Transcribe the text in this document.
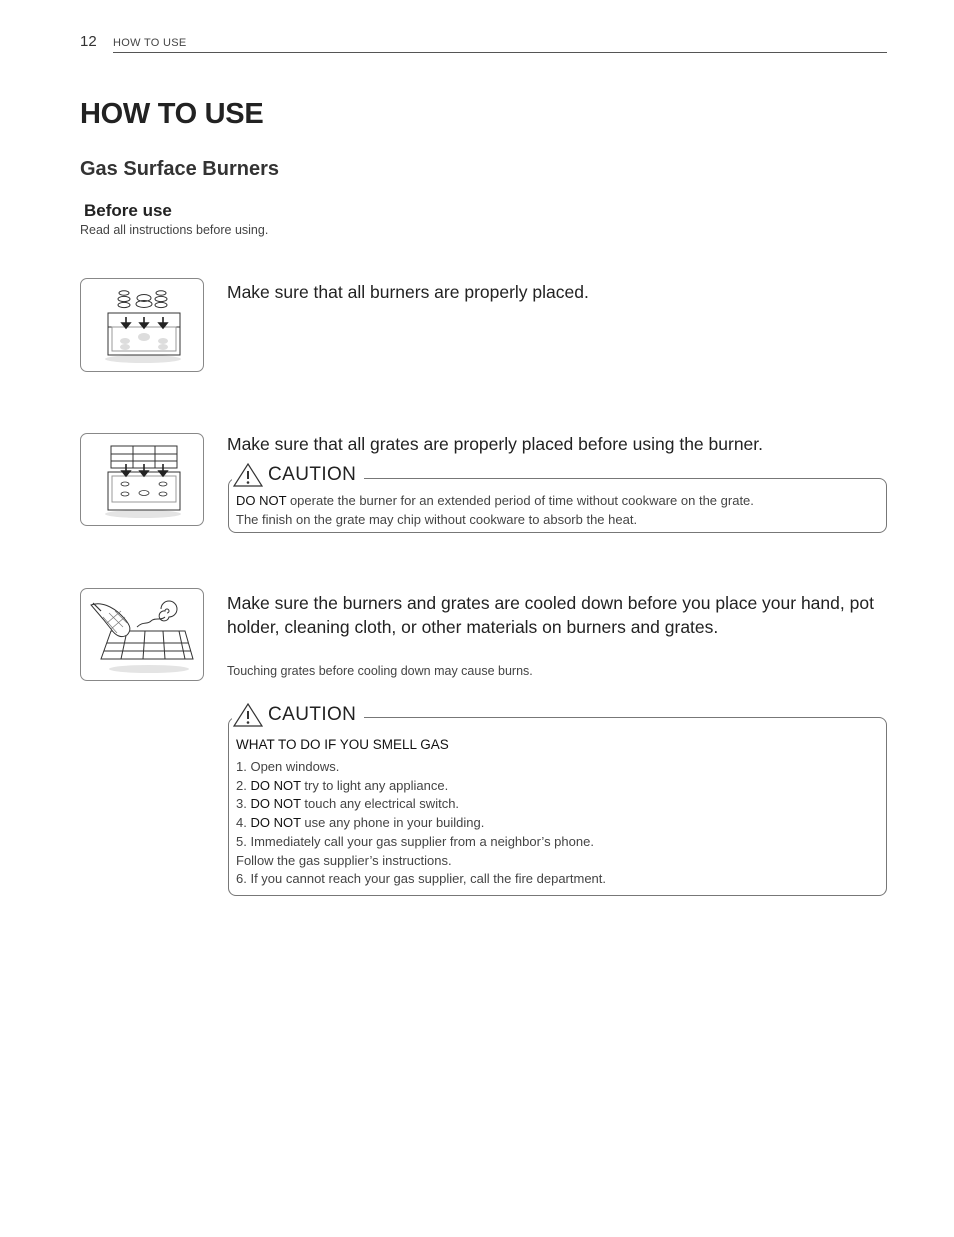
12 HOW TO USE
HOW TO USE
Gas Surface Burners
Before use
Read all instructions before using.
Make sure that all burners are properly placed.
Make sure that all grates are properly placed before using the burner.
CAUTION
DO NOT operate the burner for an extended period of time without cookware on the grate.
The finish on the grate may chip without cookware to absorb the heat.
Make sure the burners and grates are cooled down before you place your hand, pot holder, cleaning cloth, or other materials on burners and grates.
Touching grates before cooling down may cause burns.
CAUTION
WHAT TO DO IF YOU SMELL GAS
1. Open windows.
2. DO NOT try to light any appliance.
3. DO NOT touch any electrical switch.
4. DO NOT use any phone in your building.
5. Immediately call your gas supplier from a neighbor’s phone.
Follow the gas supplier’s instructions.
6. If you cannot reach your gas supplier, call the fire department.
